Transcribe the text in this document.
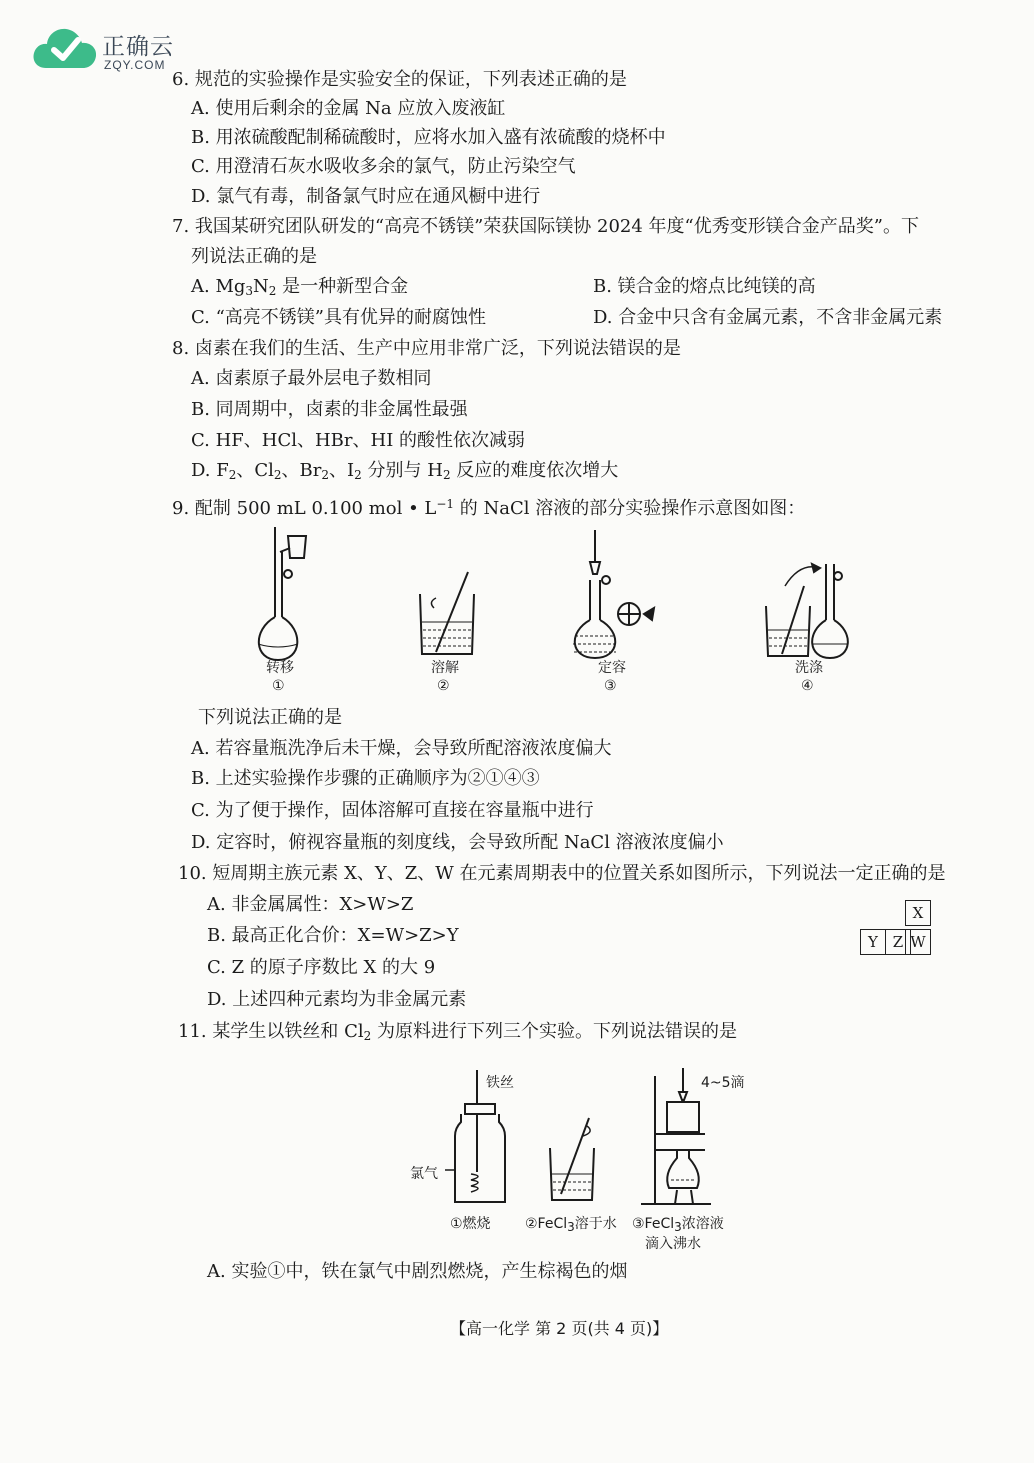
正确云
ZQY.COM
6. 规范的实验操作是实验安全的保证，下列表述正确的是
A. 使用后剩余的金属 Na 应放入废液缸
B. 用浓硫酸配制稀硫酸时，应将水加入盛有浓硫酸的烧杯中
C. 用澄清石灰水吸收多余的氯气，防止污染空气
D. 氯气有毒，制备氯气时应在通风橱中进行
7. 我国某研究团队研发的“高亮不锈镁”荣获国际镁协 2024 年度“优秀变形镁合金产品奖”。下
列说法正确的是
A. $Mg_3N_2$ 是一种新型合金	B. 镁合金的熔点比纯镁的高
C. “高亮不锈镁”具有优异的耐腐蚀性	D. 合金中只含有金属元素，不含非金属元素
8. 卤素在我们的生活、生产中应用非常广泛，下列说法错误的是
A. 卤素原子最外层电子数相同
B. 同周期中，卤素的非金属性最强
C. HF、HCl、HBr、HI 的酸性依次减弱
D. $F_2$、$Cl_2$、$Br_2$、$I_2$ 分别与 $H_2$ 反应的难度依次增大
9. 配制 500 mL 0.100 mol • $L^{-1}$ 的 NaCl 溶液的部分实验操作示意图如图：
转移	溶解	定容	洗涤
①	②	③	④
下列说法正确的是
A. 若容量瓶洗净后未干燥，会导致所配溶液浓度偏大
B. 上述实验操作步骤的正确顺序为②①④③
C. 为了便于操作，固体溶解可直接在容量瓶中进行
D. 定容时，俯视容量瓶的刻度线，会导致所配 NaCl 溶液浓度偏小
10. 短周期主族元素 X、Y、Z、W 在元素周期表中的位置关系如图所示，下列说法一定正确的是
A. 非金属属性：X>W>Z
B. 最高正化合价：X=W>Z>Y
C. Z 的原子序数比 X 的大 9
D. 上述四种元素均为非金属元素
X
Y Z W
11. 某学生以铁丝和 $Cl_2$ 为原料进行下列三个实验。下列说法错误的是
铁丝
氯气
4~5滴
①燃烧 ②FeCl$_3$溶于水 ③FeCl$_3$浓溶液
滴入沸水
A. 实验①中，铁在氯气中剧烈燃烧，产生棕褐色的烟
【高一化学 第 2 页(共 4 页)】
